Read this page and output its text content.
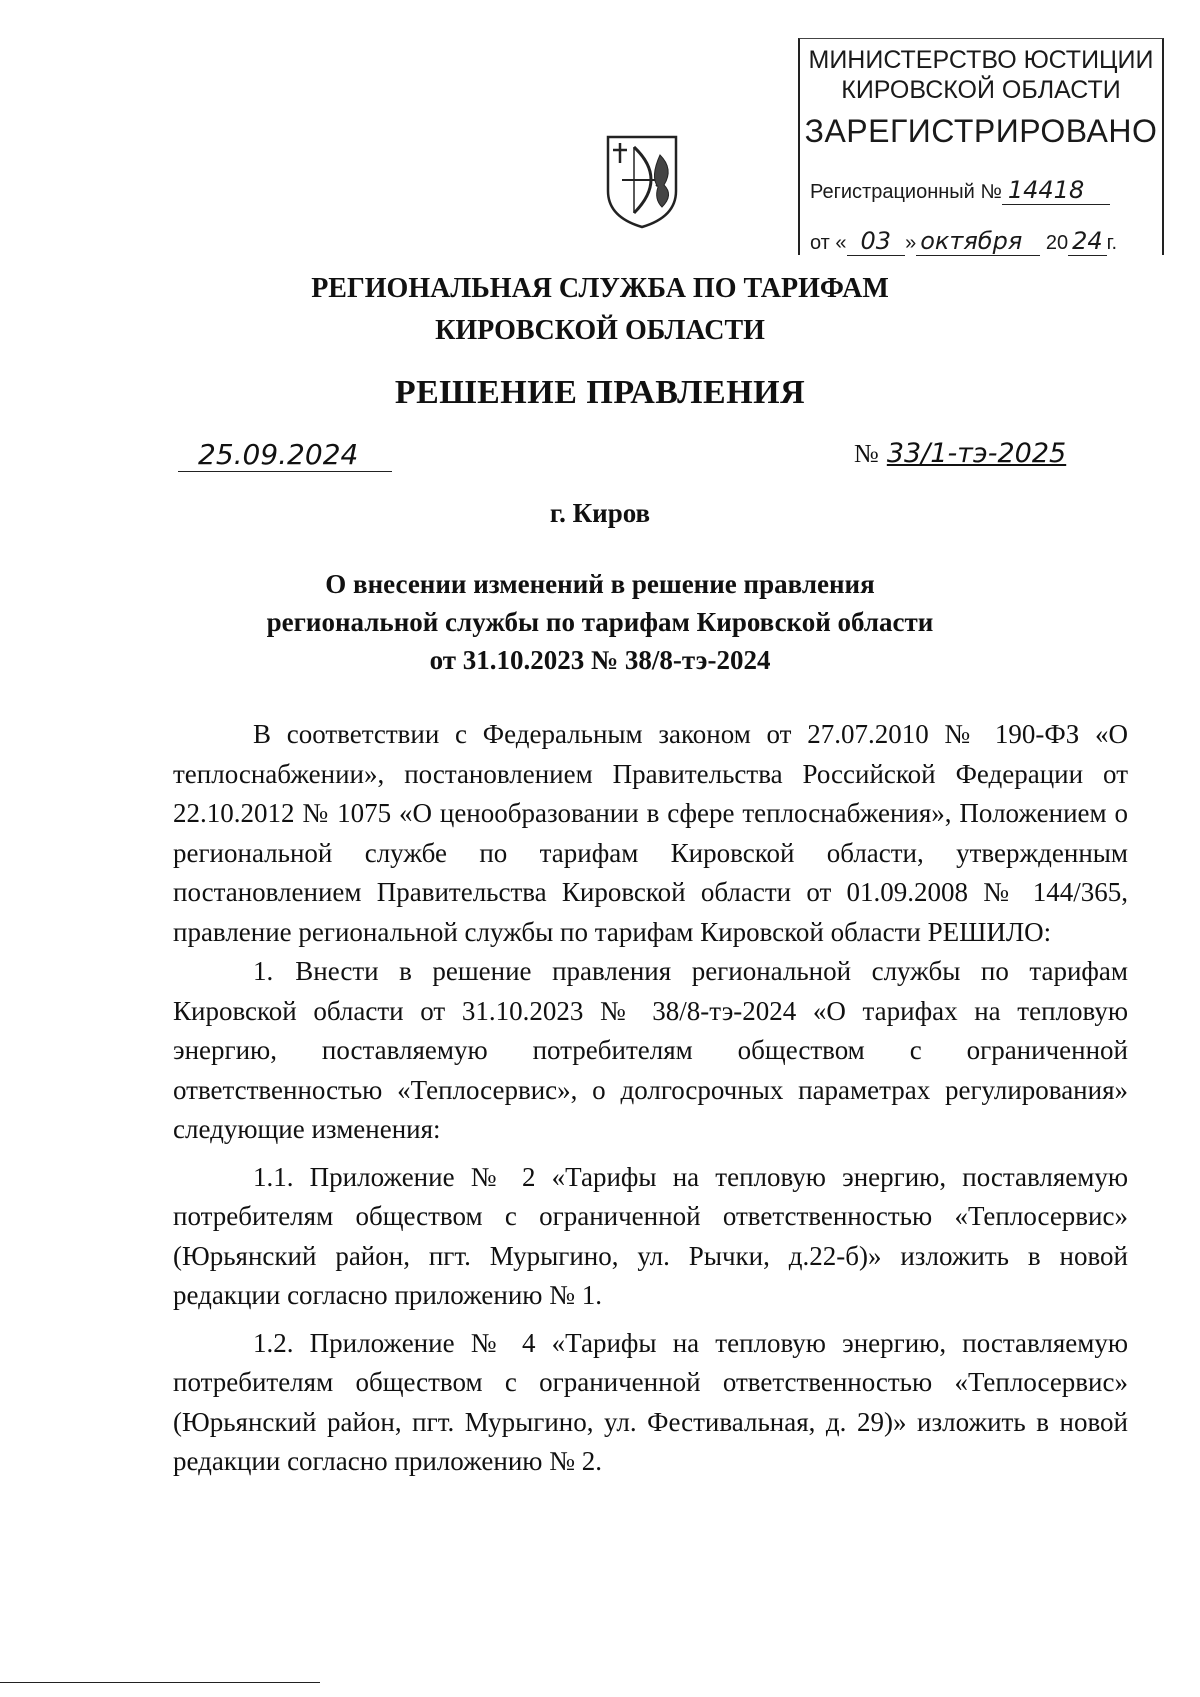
МИНИСТЕРСТВО ЮСТИЦИИ
КИРОВСКОЙ ОБЛАСТИ
ЗАРЕГИСТРИРОВАНО
Регистрационный № 14418
от « 03 » октября 20 24 г.
РЕГИОНАЛЬНАЯ СЛУЖБА ПО ТАРИФАМ
КИРОВСКОЙ ОБЛАСТИ
РЕШЕНИЕ ПРАВЛЕНИЯ
25.09.2024	№ 33/1-тэ-2025
г. Киров
О внесении изменений в решение правления
региональной службы по тарифам Кировской области
от 31.10.2023 № 38/8-тэ-2024

В соответствии с Федеральным законом от 27.07.2010 № 190-ФЗ «О теплоснабжении», постановлением Правительства Российской Федерации от 22.10.2012 № 1075 «О ценообразовании в сфере теплоснабжения», Положением о региональной службе по тарифам Кировской области, утвержденным постановлением Правительства Кировской области от 01.09.2008 № 144/365, правление региональной службы по тарифам Кировской области РЕШИЛО:

1. Внести в решение правления региональной службы по тарифам Кировской области от 31.10.2023 № 38/8-тэ-2024 «О тарифах на тепловую энергию, поставляемую потребителям обществом с ограниченной ответственностью «Теплосервис», о долгосрочных параметрах регулирования» следующие изменения:

1.1. Приложение № 2 «Тарифы на тепловую энергию, поставляемую потребителям обществом с ограниченной ответственностью «Теплосервис» (Юрьянский район, пгт. Мурыгино, ул. Рычки, д.22-б)» изложить в новой редакции согласно приложению № 1.

1.2. Приложение № 4 «Тарифы на тепловую энергию, поставляемую потребителям обществом с ограниченной ответственностью «Теплосервис» (Юрьянский район, пгт. Мурыгино, ул. Фестивальная, д. 29)» изложить в новой редакции согласно приложению № 2.
